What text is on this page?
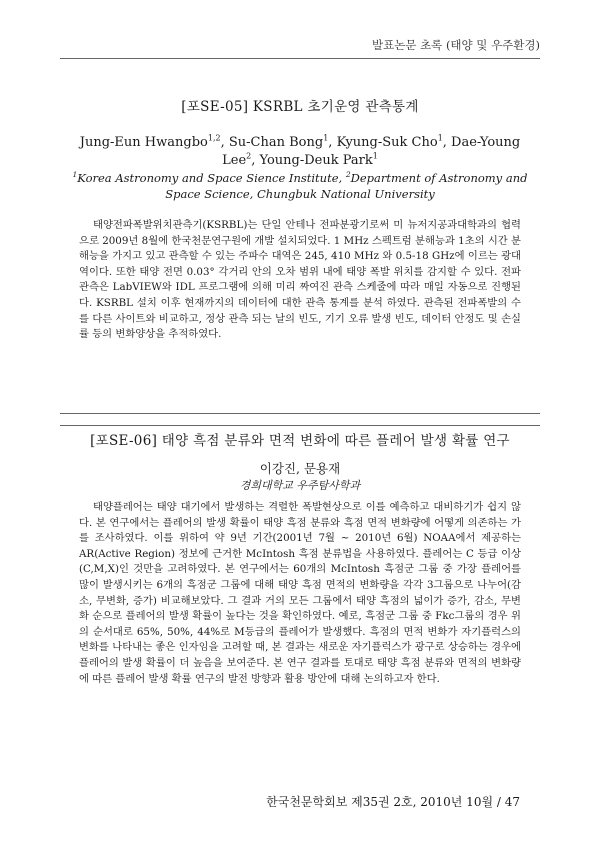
발표논문 초록 (태양 및 우주환경)
[포SE-05] KSRBL 초기운영 관측통계
Jung-Eun Hwangbo$^{1,2}$, Su-Chan Bong$^1$, Kyung-Suk Cho$^1$, Dae-Young Lee$^2$, Young-Deuk Park$^1$
$^1$Korea Astronomy and Space Sience Institute, $^2$Department of Astronomy and Space Science, Chungbuk National University

태양전파폭발위치관측기(KSRBL)는 단일 안테나 전파분광기로써 미 뉴저지공과대학과의 협력으로 2009년 8월에 한국천문연구원에 개발 설치되었다. 1 MHz 스펙트럼 분해능과 1초의 시간 분해능을 가지고 있고 관측할 수 있는 주파수 대역은 245, 410 MHz 와 0.5-18 GHz에 이르는 광대역이다. 또한 태양 전면 0.03° 각거리 안의 오차 범위 내에 태양 폭발 위치를 감지할 수 있다. 전파 관측은 LabVIEW와 IDL 프로그램에 의해 미리 짜여진 관측 스케줄에 따라 매일 자동으로 진행된다. KSRBL 설치 이후 현재까지의 데이터에 대한 관측 통계를 분석 하였다. 관측된 전파폭발의 수를 다른 사이트와 비교하고, 정상 관측 되는 날의 빈도, 기기 오류 발생 빈도, 데이터 안정도 및 손실률 등의 변화양상을 추적하였다.

[포SE-06] 태양 흑점 분류와 면적 변화에 따른 플레어 발생 확률 연구
이강진, 문용재
경희대학교 우주탐사학과

태양플레어는 태양 대기에서 발생하는 격렬한 폭발현상으로 이를 예측하고 대비하기가 쉽지 않다. 본 연구에서는 플레어의 발생 확률이 태양 흑점 분류와 흑점 면적 변화량에 어떻게 의존하는 가를 조사하였다. 이를 위하여 약 9년 기간(2001년 7월 ~ 2010년 6월) NOAA에서 제공하는 AR(Active Region) 정보에 근거한 McIntosh 흑점 분류법을 사용하였다. 플레어는 C 등급 이상(C,M,X)인 것만을 고려하였다. 본 연구에서는 60개의 McIntosh 흑점군 그룹 중 가장 플레어를 많이 발생시키는 6개의 흑점군 그룹에 대해 태양 흑점 면적의 변화량을 각각 3그룹으로 나누어(감소, 무변화, 증가) 비교해보았다. 그 결과 거의 모든 그룹에서 태양 흑점의 넓이가 증가, 감소, 무변화 순으로 플레어의 발생 확률이 높다는 것을 확인하였다. 예로, 흑점군 그룹 중 Fkc그룹의 경우 위의 순서대로 65%, 50%, 44%로 M등급의 플레어가 발생했다. 흑점의 면적 변화가 자기플럭스의 변화를 나타내는 좋은 인자임을 고려할 때, 본 결과는 새로운 자기플럭스가 광구로 상승하는 경우에 플레어의 발생 확률이 더 높음을 보여준다. 본 연구 결과를 토대로 태양 흑점 분류와 면적의 변화량에 따른 플레어 발생 확률 연구의 발전 방향과 활용 방안에 대해 논의하고자 한다.

한국천문학회보 제35권 2호, 2010년 10월 / 47
